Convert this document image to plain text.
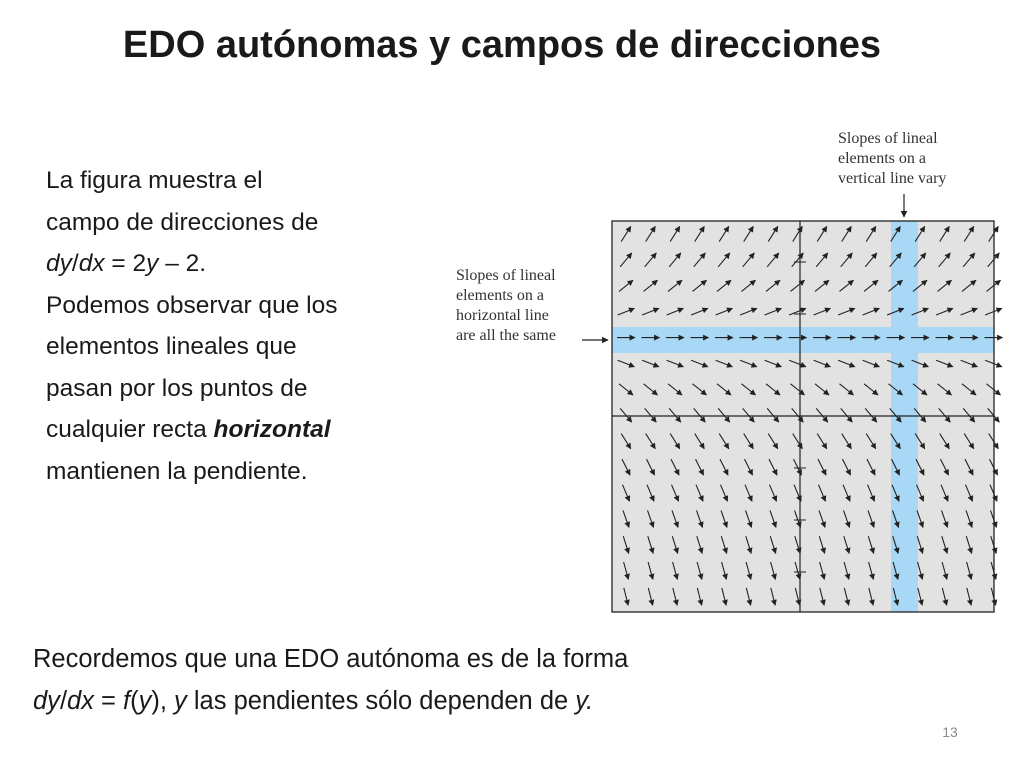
EDO autónomas y campos de direcciones
La figura muestra el
campo de direcciones de
dy/dx = 2y – 2.
Podemos observar que los
elementos lineales que
pasan por los puntos de
cualquier recta horizontal
mantienen la pendiente.
Slopes of lineal
elements on a
vertical line vary
Slopes of lineal
elements on a
horizontal line
are all the same
Recordemos que una EDO autónoma es de la forma
dy/dx = f(y), y las pendientes sólo dependen de y.
13
